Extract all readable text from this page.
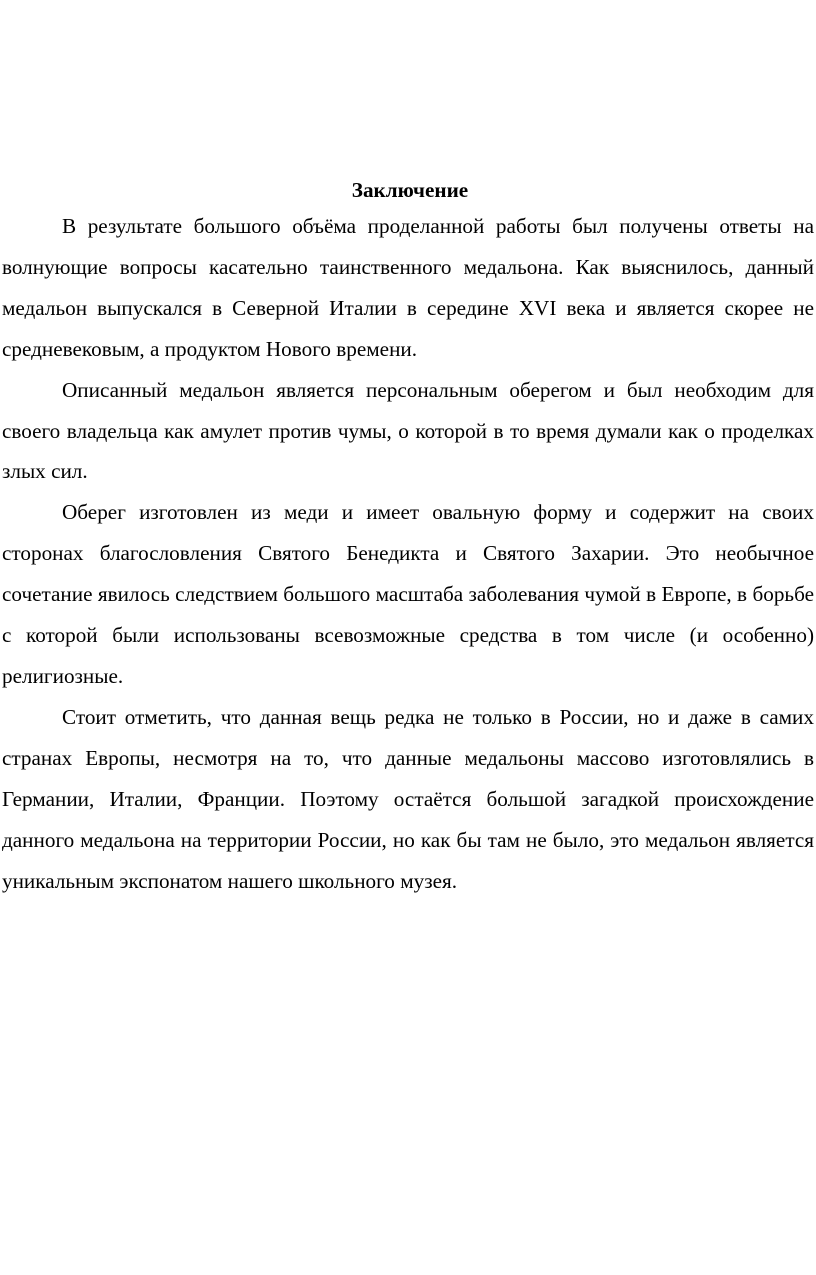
Заключение

В результате большого объёма проделанной работы был получены ответы на волнующие вопросы касательно таинственного медальона. Как выяснилось, данный медальон выпускался в Северной Италии в середине XVI века и является скорее не средневековым, а продуктом Нового времени.

Описанный медальон является персональным оберегом и был необходим для своего владельца как амулет против чумы, о которой в то время думали как о проделках злых сил.

Оберег изготовлен из меди и имеет овальную форму и содержит на своих сторонах благословления Святого Бенедикта и Святого Захарии. Это необычное сочетание явилось следствием большого масштаба заболевания чумой в Европе, в борьбе с которой были использованы всевозможные средства в том числе (и особенно) религиозные.

Стоит отметить, что данная вещь редка не только в России, но и даже в самих странах Европы, несмотря на то, что данные медальоны массово изготовлялись в Германии, Италии, Франции. Поэтому остаётся большой загадкой происхождение данного медальона на территории России, но как бы там не было, это медальон является уникальным экспонатом нашего школьного музея.
